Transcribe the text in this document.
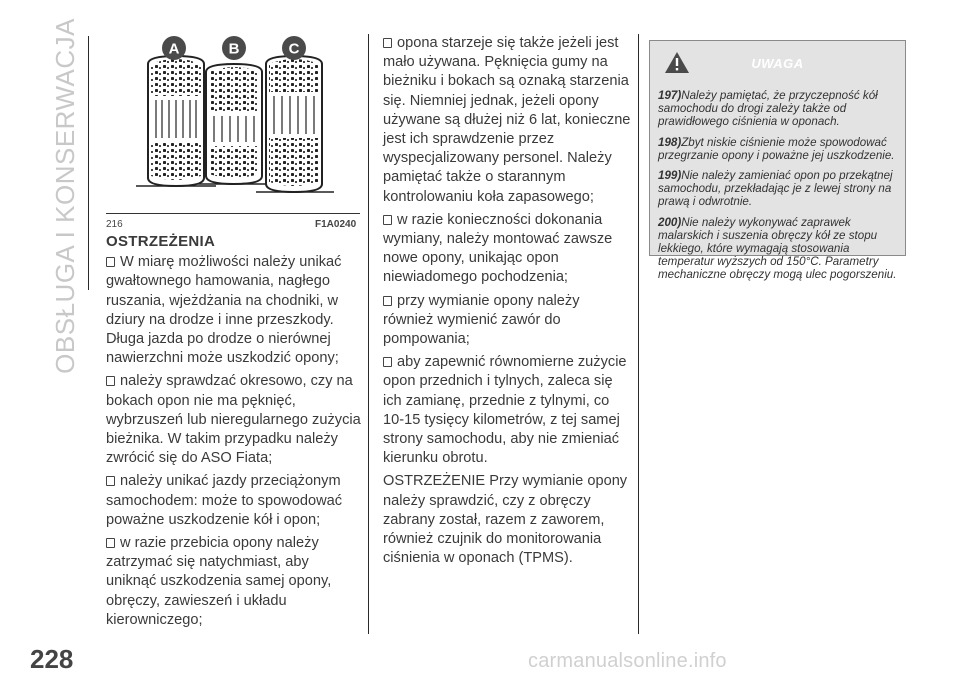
OBSŁUGA I KONSERWACJA
228
A	B	C
216	F1A0240

OSTRZEŻENIA

W miarę możliwości należy unikać gwałtownego hamowania, nagłego ruszania, wjeżdżania na chodniki, w dziury na drodze i inne przeszkody. Długa jazda po drodze o nierównej nawierzchni może uszkodzić opony;

należy sprawdzać okresowo, czy na bokach opon nie ma pęknięć, wybrzuszeń lub nieregularnego zużycia bieżnika. W takim przypadku należy zwrócić się do ASO Fiata;

należy unikać jazdy przeciążonym samochodem: może to spowodować poważne uszkodzenie kół i opon;

w razie przebicia opony należy zatrzymać się natychmiast, aby uniknąć uszkodzenia samej opony, obręczy, zawieszeń i układu kierowniczego;

opona starzeje się także jeżeli jest mało używana. Pęknięcia gumy na bieżniku i bokach są oznaką starzenia się. Niemniej jednak, jeżeli opony używane są dłużej niż 6 lat, konieczne jest ich sprawdzenie przez wyspecjalizowany personel. Należy pamiętać także o starannym kontrolowaniu koła zapasowego;

w razie konieczności dokonania wymiany, należy montować zawsze nowe opony, unikając opon niewiadomego pochodzenia;

przy wymianie opony należy również wymienić zawór do pompowania;

aby zapewnić równomierne zużycie opon przednich i tylnych, zaleca się ich zamianę, przednie z tylnymi, co 10-15 tysięcy kilometrów, z tej samej strony samochodu, aby nie zmieniać kierunku obrotu.

OSTRZEŻENIE Przy wymianie opony należy sprawdzić, czy z obręczy zabrany został, razem z zaworem, również czujnik do monitorowania ciśnienia w oponach (TPMS).

UWAGA

197)Należy pamiętać, że przyczepność kół samochodu do drogi zależy także od prawidłowego ciśnienia w oponach.

198)Zbyt niskie ciśnienie może spowodować przegrzanie opony i poważne jej uszkodzenie.

199)Nie należy zamieniać opon po przekątnej samochodu, przekładając je z lewej strony na prawą i odwrotnie.

200)Nie należy wykonywać zaprawek malarskich i suszenia obręczy kół ze stopu lekkiego, które wymagają stosowania temperatur wyższych od 150°C. Parametry mechaniczne obręczy mogą ulec pogorszeniu.

carmanualsonline.info
